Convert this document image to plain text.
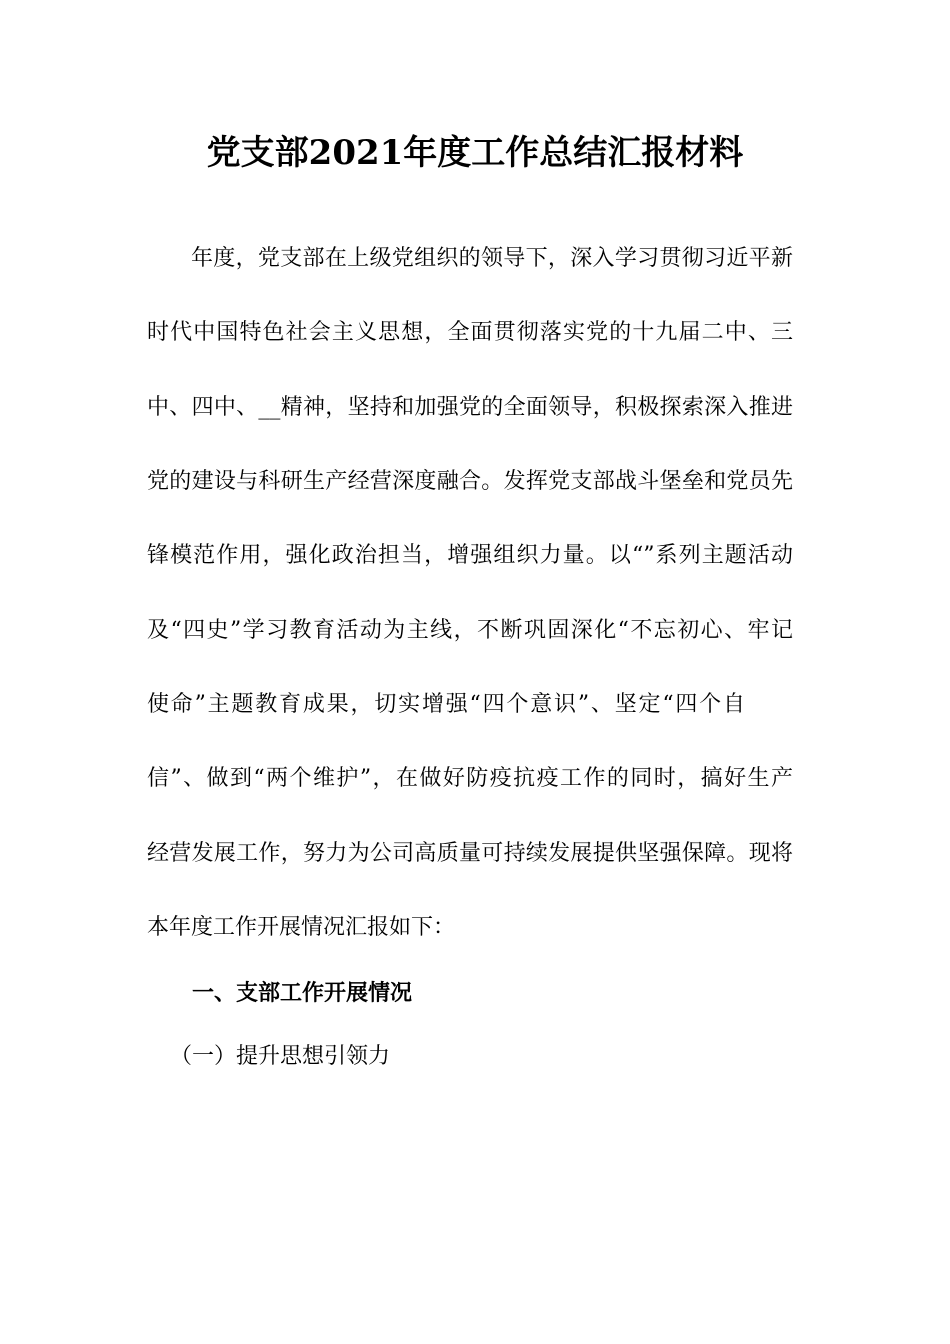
党支部2021年度工作总结汇报材料
年度，党支部在上级党组织的领导下，深入学习贯彻习近平新
时代中国特色社会主义思想，全面贯彻落实党的十九届二中、三
中、四中、__精神，坚持和加强党的全面领导，积极探索深入推进
党的建设与科研生产经营深度融合。发挥党支部战斗堡垒和党员先
锋模范作用，强化政治担当，增强组织力量。以“”系列主题活动
及“四史”学习教育活动为主线，不断巩固深化“不忘初心、牢记
使命”主题教育成果，切实增强“四个意识”、坚定“四个自
信”、做到“两个维护”，在做好防疫抗疫工作的同时，搞好生产
经营发展工作，努力为公司高质量可持续发展提供坚强保障。现将
本年度工作开展情况汇报如下：
一、支部工作开展情况
（一）提升思想引领力
